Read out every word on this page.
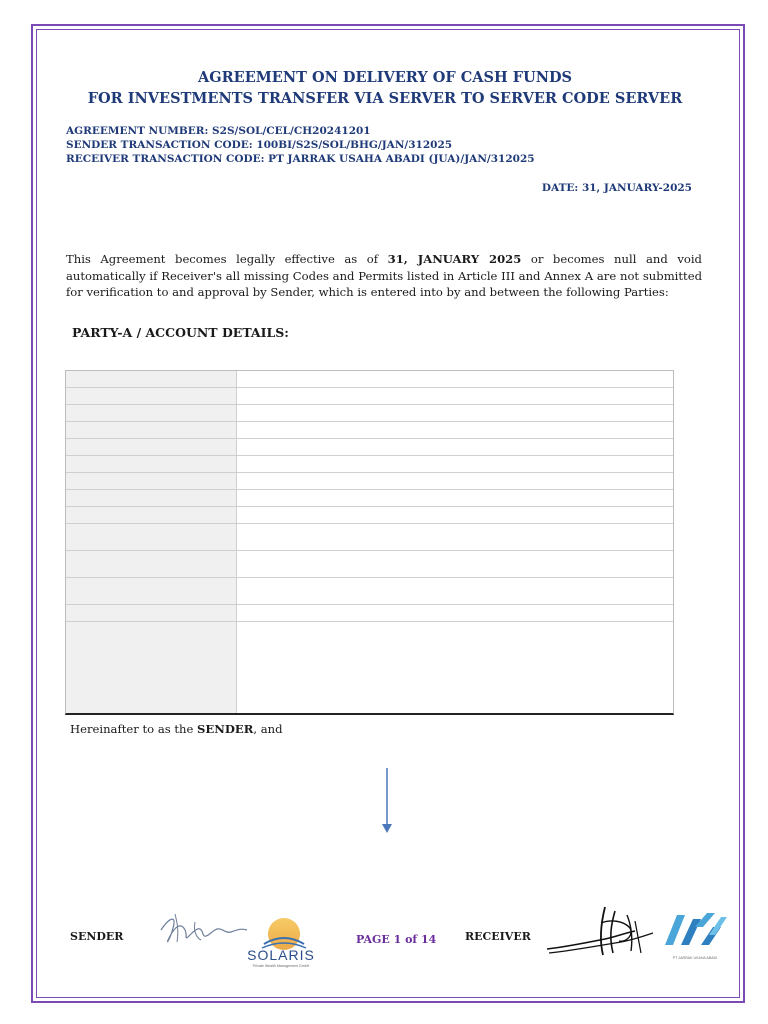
AGREEMENT ON DELIVERY OF CASH FUNDS
FOR INVESTMENTS TRANSFER VIA SERVER TO SERVER CODE SERVER
AGREEMENT NUMBER: S2S/SOL/CEL/CH20241201
SENDER TRANSACTION CODE: 100BI/S2S/SOL/BHG/JAN/312025
RECEIVER TRANSACTION CODE: PT JARRAK USAHA ABADI (JUA)/JAN/312025
DATE: 31, JANUARY-2025
This Agreement becomes legally effective as of 31, JANUARY 2025 or becomes null and void automatically if Receiver's all missing Codes and Permits listed in Article III and Annex A are not submitted for verification to and approval by Sender, which is entered into by and between the following Parties:
PARTY-A / ACCOUNT DETAILS:
Hereinafter to as the SENDER, and
SENDER
SOLARIS
Private Wealth Management GmbH
PAGE 1 of 14	RECEIVER
PT JARRAK USAHA ABADI
